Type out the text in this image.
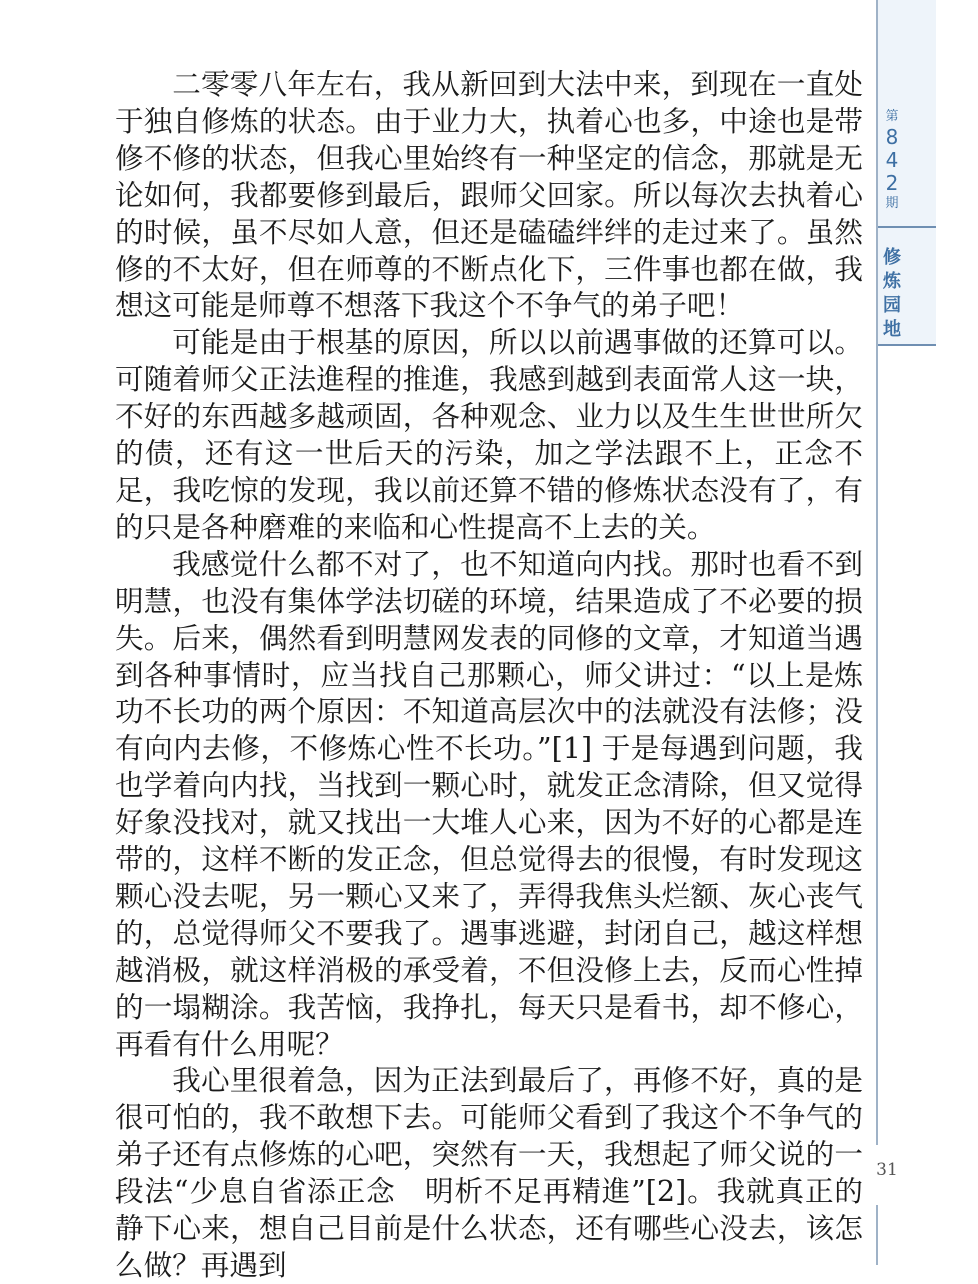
二零零八年左右，我从新回到大法中来，到现在一直处于独自修炼的状态。由于业力大，执着心也多，中途也是带修不修的状态，但我心里始终有一种坚定的信念，那就是无论如何，我都要修到最后，跟师父回家。所以每次去执着心的时候，虽不尽如人意，但还是磕磕绊绊的走过来了。虽然修的不太好，但在师尊的不断点化下，三件事也都在做，我想这可能是师尊不想落下我这个不争气的弟子吧！

可能是由于根基的原因，所以以前遇事做的还算可以。可随着师父正法進程的推進，我感到越到表面常人这一块，不好的东西越多越顽固，各种观念、业力以及生生世世所欠的债，还有这一世后天的污染，加之学法跟不上，正念不足，我吃惊的发现，我以前还算不错的修炼状态没有了，有的只是各种磨难的来临和心性提高不上去的关。

我感觉什么都不对了，也不知道向内找。那时也看不到明慧，也没有集体学法切磋的环境，结果造成了不必要的损失。后来，偶然看到明慧网发表的同修的文章，才知道当遇到各种事情时，应当找自己那颗心，师父讲过：“以上是炼功不长功的两个原因：不知道高层次中的法就没有法修；没有向内去修，不修炼心性不长功。”[1] 于是每遇到问题，我也学着向内找，当找到一颗心时，就发正念清除，但又觉得好象没找对，就又找出一大堆人心来，因为不好的心都是连带的，这样不断的发正念，但总觉得去的很慢，有时发现这颗心没去呢，另一颗心又来了，弄得我焦头烂额、灰心丧气的，总觉得师父不要我了。遇事逃避，封闭自己，越这样想越消极，就这样消极的承受着，不但没修上去，反而心性掉的一塌糊涂。我苦恼，我挣扎，每天只是看书，却不修心，再看有什么用呢？

我心里很着急，因为正法到最后了，再修不好，真的是很可怕的，我不敢想下去。可能师父看到了我这个不争气的弟子还有点修炼的心吧，突然有一天，我想起了师父说的一段法“少息自省添正念　明析不足再精進”[2]。我就真正的静下心来，想自己目前是什么状态，还有哪些心没去，该怎么做？再遇到

第
8
4
2
期
修
炼
园
地
31
